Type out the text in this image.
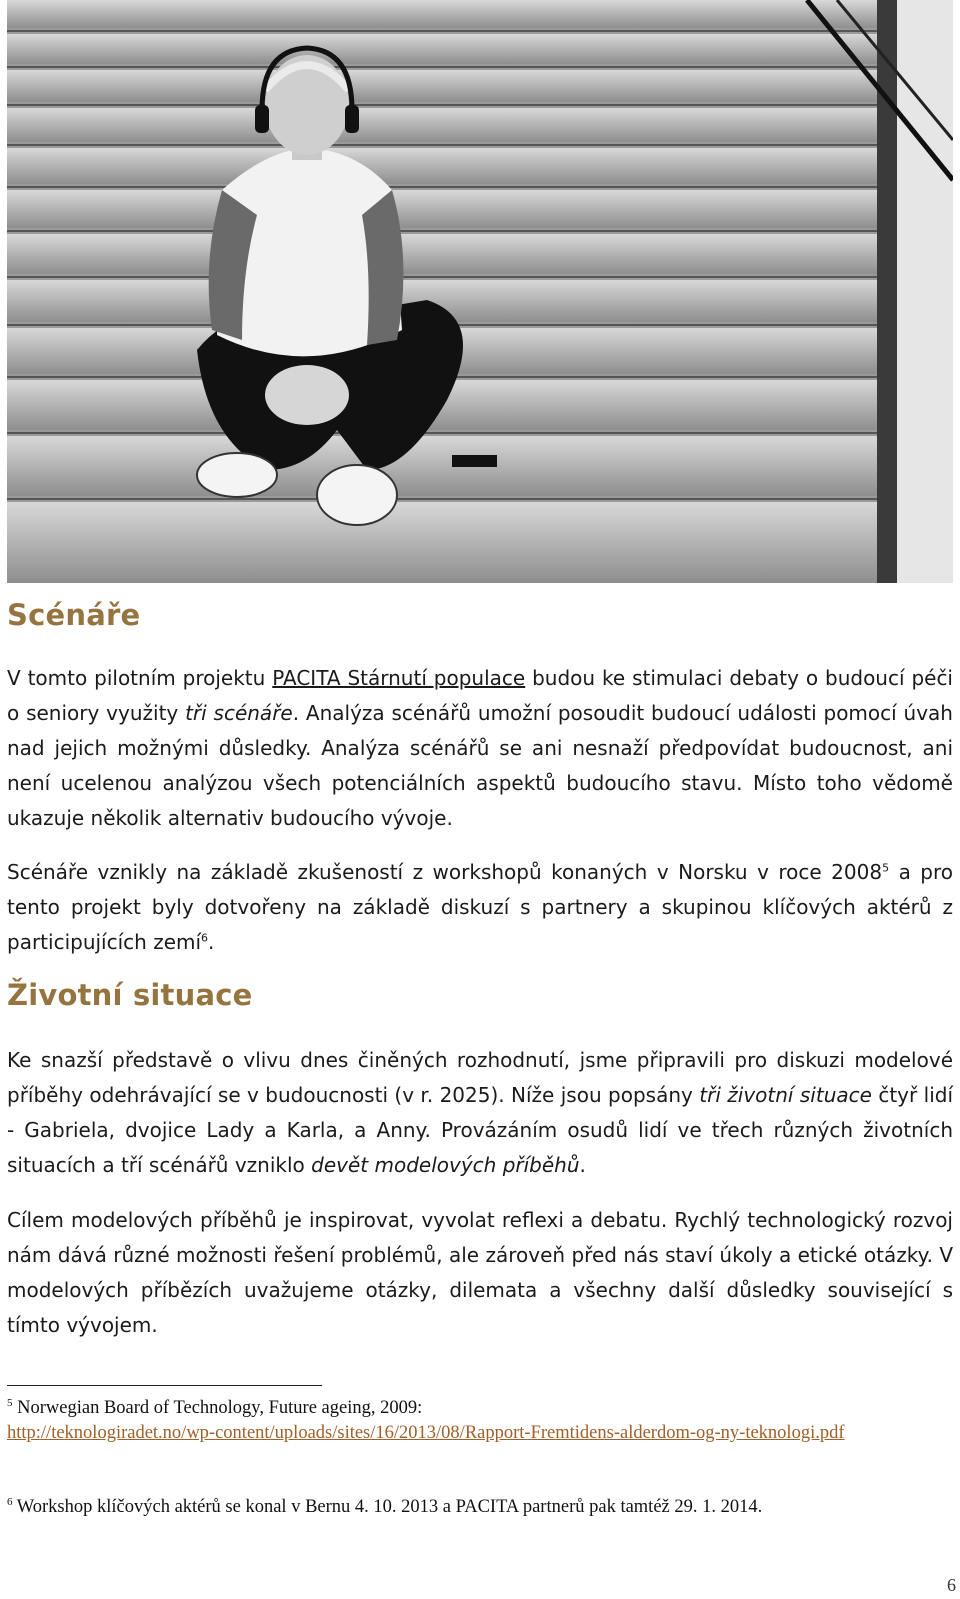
Scénáře

V tomto pilotním projektu PACITA Stárnutí populace budou ke stimulaci debaty o budoucí péči o seniory využity tři scénáře. Analýza scénářů umožní posoudit budoucí události pomocí úvah nad jejich možnými důsledky. Analýza scénářů se ani nesnaží předpovídat budoucnost, ani není ucelenou analýzou všech potenciálních aspektů budoucího stavu. Místo toho vědomě ukazuje několik alternativ budoucího vývoje.

Scénáře vznikly na základě zkušeností z workshopů konaných v Norsku v roce 2008$^5$ a pro tento projekt byly dotvořeny na základě diskuzí s partnery a skupinou klíčových aktérů z participujících zemí$^6$.

Životní situace

Ke snazší představě o vlivu dnes činěných rozhodnutí, jsme připravili pro diskuzi modelové příběhy odehrávající se v budoucnosti (v r. 2025). Níže jsou popsány tři životní situace čtyř lidí - Gabriela, dvojice Lady a Karla, a Anny. Provázáním osudů lidí ve třech různých životních situacích a tří scénářů vzniklo devět modelových příběhů.

Cílem modelových příběhů je inspirovat, vyvolat reflexi a debatu. Rychlý technologický rozvoj nám dává různé možnosti řešení problémů, ale zároveň před nás staví úkoly a etické otázky. V modelových příbězích uvažujeme otázky, dilemata a všechny další důsledky související s tímto vývojem.

$^5$ Norwegian Board of Technology, Future ageing, 2009:
http://teknologiradet.no/wp-content/uploads/sites/16/2013/08/Rapport-Fremtidens-alderdom-og-ny-teknologi.pdf

$^6$ Workshop klíčových aktérů se konal v Bernu 4. 10. 2013 a PACITA partnerů pak tamtéž 29. 1. 2014.

6
